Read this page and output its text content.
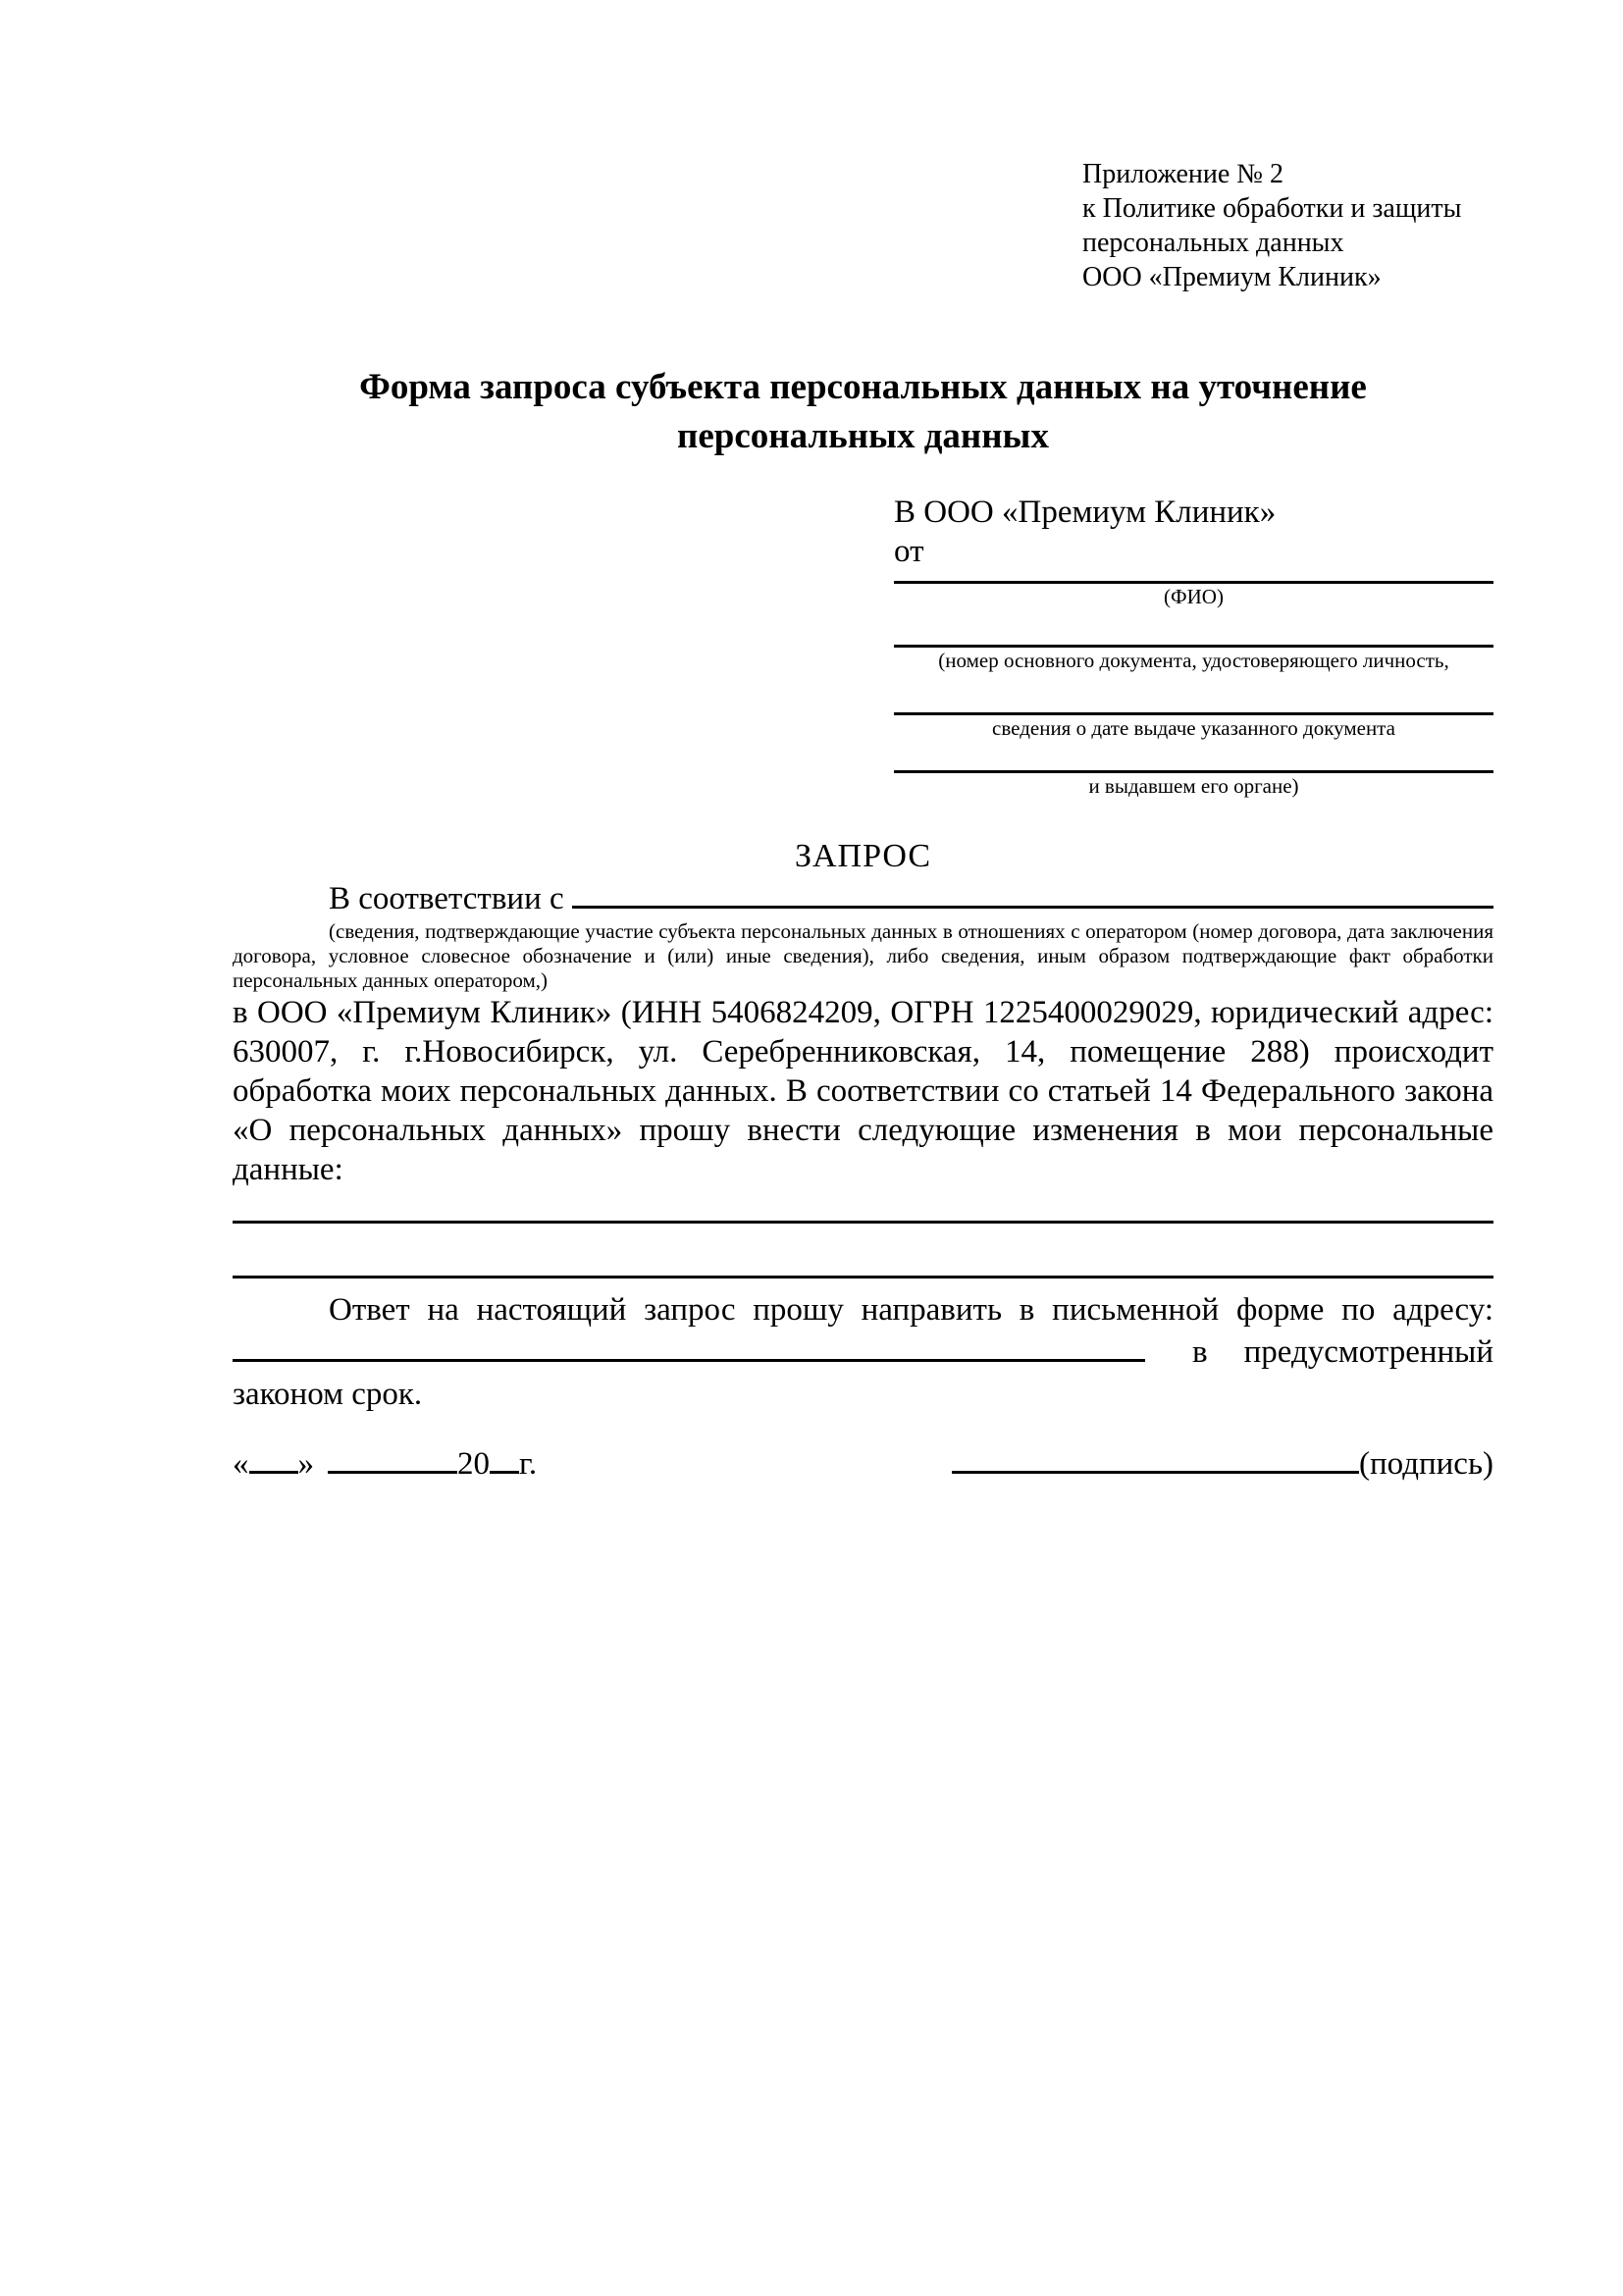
Приложение № 2
к Политике обработки и защиты
персональных данных
ООО «Премиум Клиник»
Форма запроса субъекта персональных данных на уточнение персональных данных
В ООО «Премиум Клиник»
от
(ФИО)
(номер основного документа, удостоверяющего личность,
сведения о дате выдаче указанного документа
и выдавшем его органе)
ЗАПРОС
В соответствии с

(сведения, подтверждающие участие субъекта персональных данных в отношениях с оператором (номер договора, дата заключения договора, условное словесное обозначение и (или) иные сведения), либо сведения, иным образом подтверждающие факт обработки персональных данных оператором,)
в ООО «Премиум Клиник» (ИНН 5406824209, ОГРН 1225400029029, юридический адрес: 630007, г. г.Новосибирск, ул. Серебренниковская, 14, помещение 288) происходит обработка моих персональных данных. В соответствии со статьей 14 Федерального закона «О персональных данных» прошу внести следующие изменения в мои персональные данные:
Ответ на настоящий запрос прошу направить в письменной форме по адресу:
в предусмотренный
законом срок.
« »	20 г.	(подпись)
